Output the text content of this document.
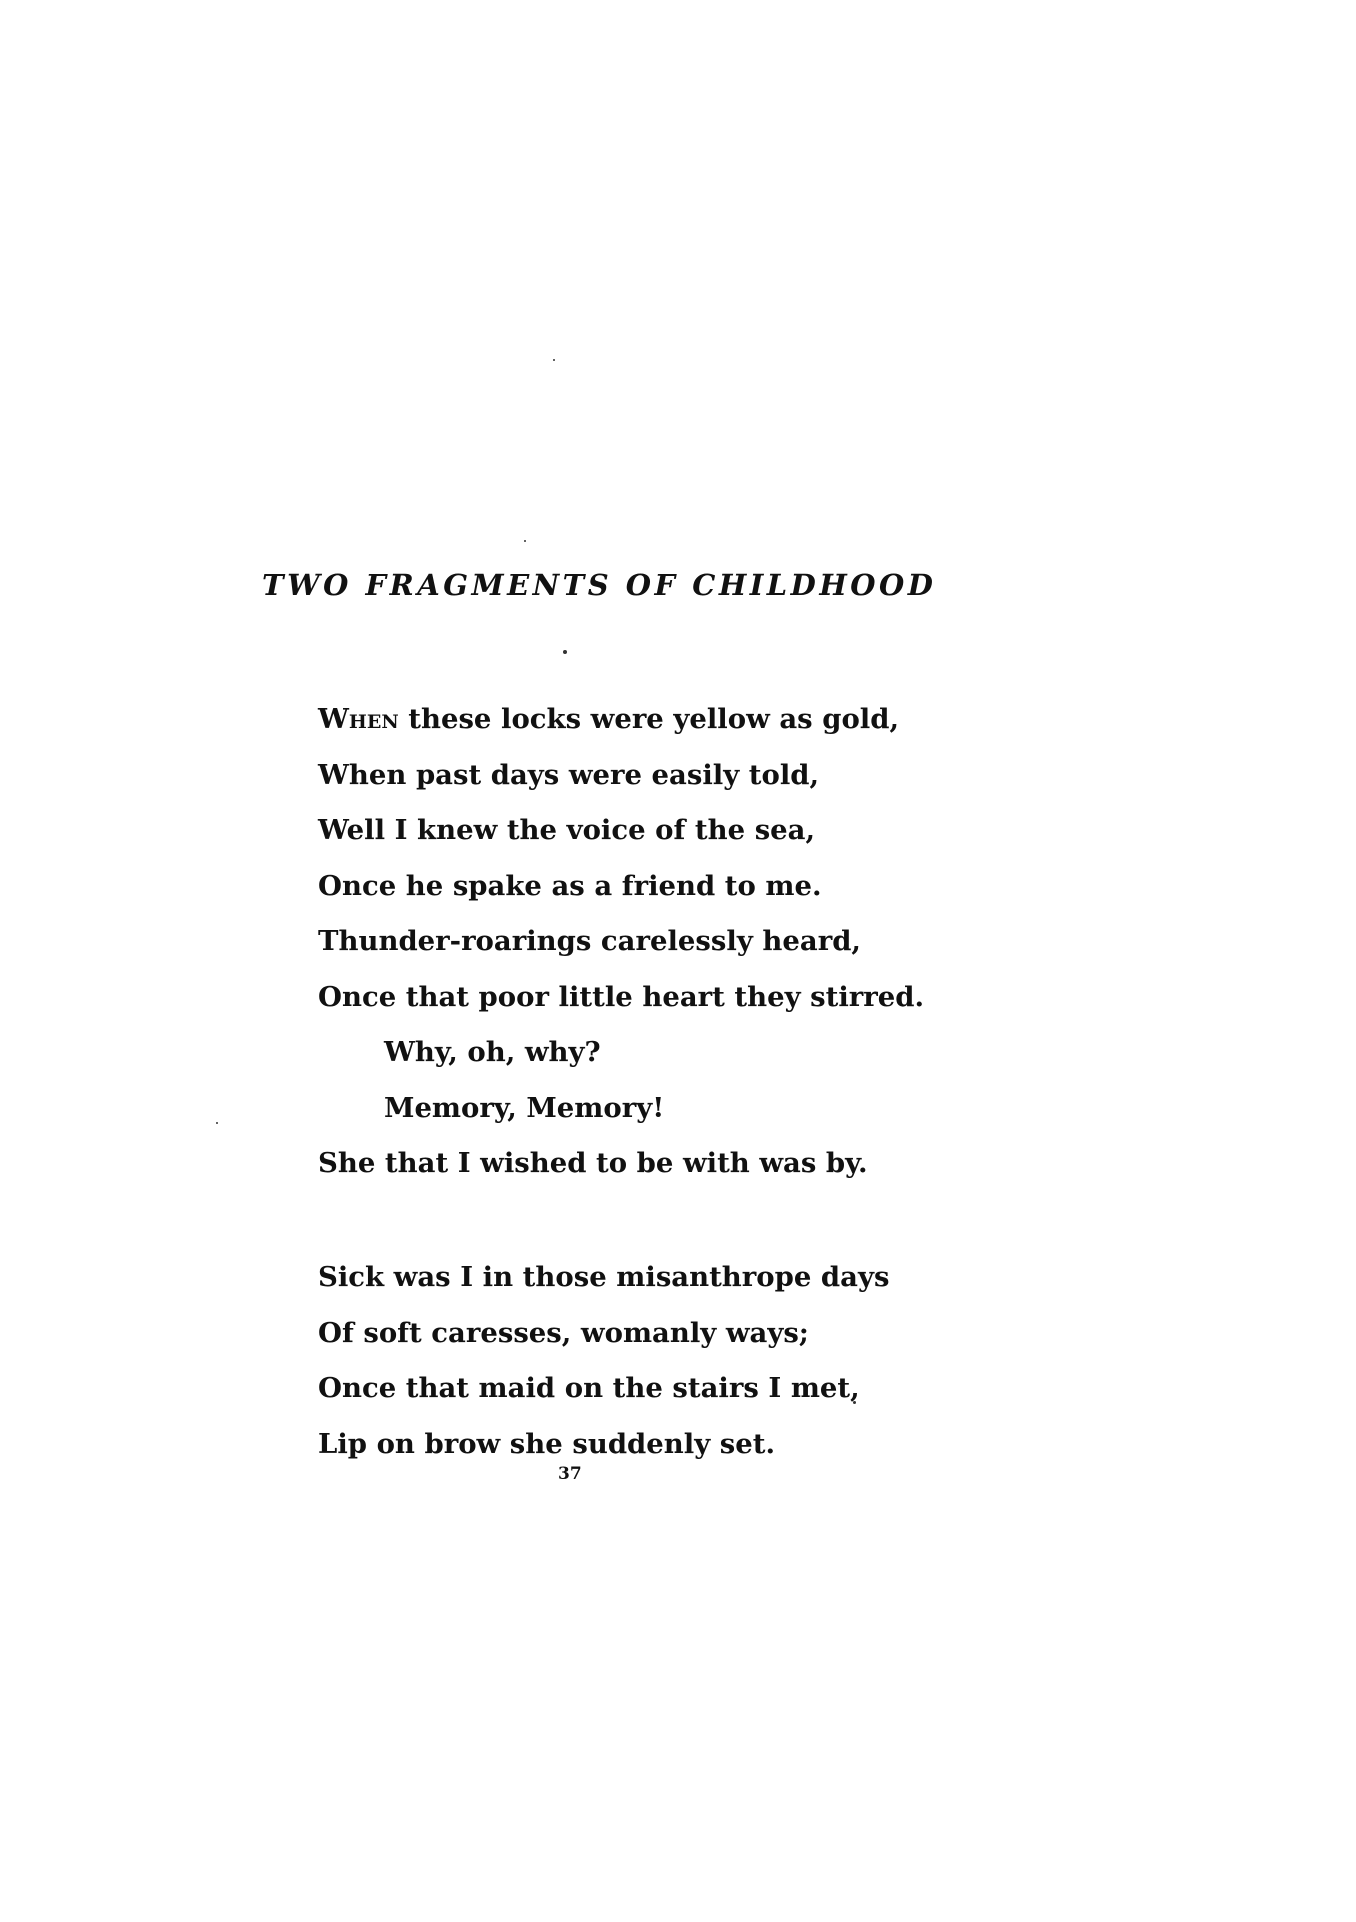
TWO FRAGMENTS OF CHILDHOOD
When these locks were yellow as gold,
When past days were easily told,
Well I knew the voice of the sea,
Once he spake as a friend to me.
Thunder-roarings carelessly heard,
Once that poor little heart they stirred.
Why, oh, why?
Memory, Memory!
She that I wished to be with was by.
Sick was I in those misanthrope days
Of soft caresses, womanly ways;
Once that maid on the stairs I met,
Lip on brow she suddenly set.
37
